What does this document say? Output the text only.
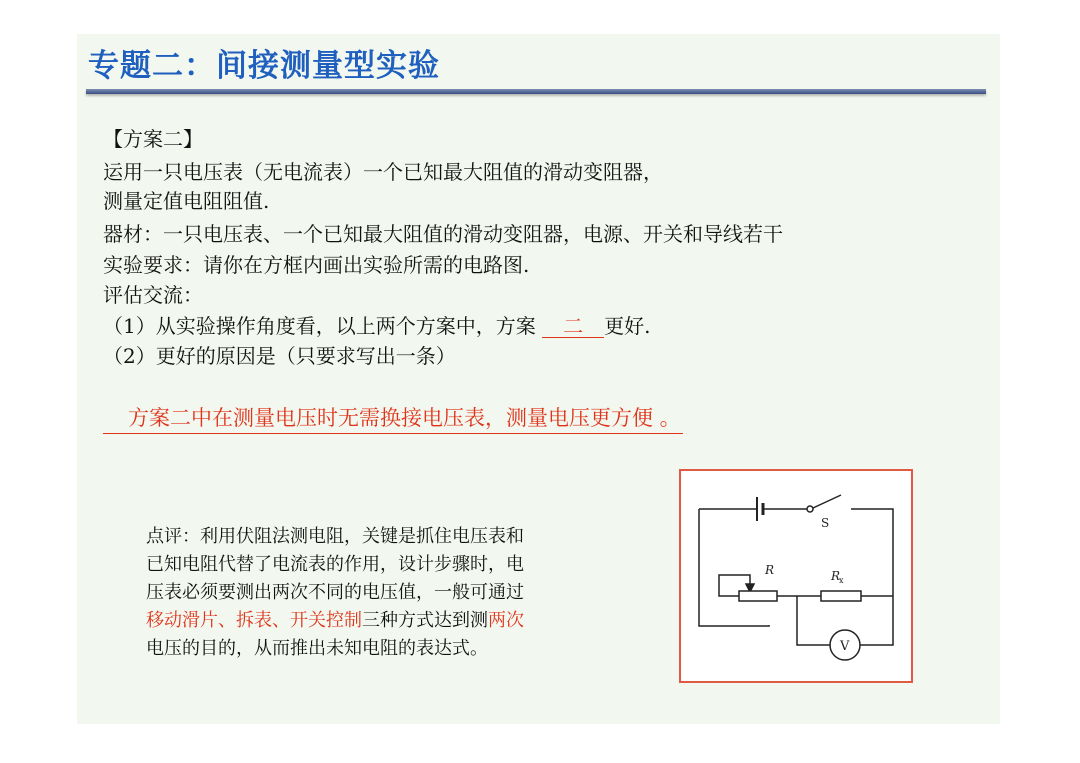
专题二：间接测量型实验
【方案二】
运用一只电压表（无电流表）一个已知最大阻值的滑动变阻器，
测量定值电阻阻值.
器材：一只电压表、一个已知最大阻值的滑动变阻器，电源、开关和导线若干
实验要求：请你在方框内画出实验所需的电路图.
评估交流：
（1）从实验操作角度看，以上两个方案中，方案 二 更好.
（2）更好的原因是（只要求写出一条）
方案二中在测量电压时无需换接电压表，测量电压更方便 。
点评：利用伏阻法测电阻，关键是抓住电压表和
已知电阻代替了电流表的作用，设计步骤时，电
压表必须要测出两次不同的电压值，一般可通过
移动滑片、拆表、开关控制三种方式达到测两次
电压的目的，从而推出未知电阻的表达式。
S
R	R
x
V
